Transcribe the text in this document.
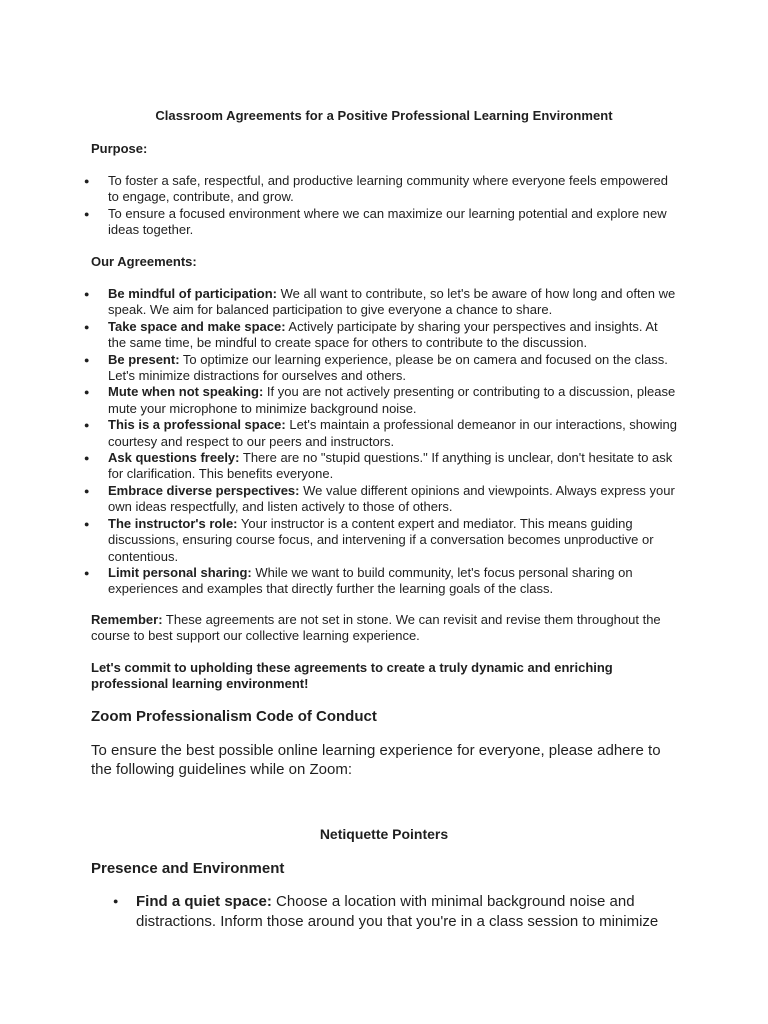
Classroom Agreements for a Positive Professional Learning Environment
Purpose:
● To foster a safe, respectful, and productive learning community where everyone feels empowered to engage, contribute, and grow.
● To ensure a focused environment where we can maximize our learning potential and explore new ideas together.
Our Agreements:
● Be mindful of participation: We all want to contribute, so let's be aware of how long and often we speak. We aim for balanced participation to give everyone a chance to share.
● Take space and make space: Actively participate by sharing your perspectives and insights. At the same time, be mindful to create space for others to contribute to the discussion.
● Be present: To optimize our learning experience, please be on camera and focused on the class. Let's minimize distractions for ourselves and others.
● Mute when not speaking: If you are not actively presenting or contributing to a discussion, please mute your microphone to minimize background noise.
● This is a professional space: Let's maintain a professional demeanor in our interactions, showing courtesy and respect to our peers and instructors.
● Ask questions freely: There are no "stupid questions." If anything is unclear, don't hesitate to ask for clarification. This benefits everyone.
● Embrace diverse perspectives: We value different opinions and viewpoints. Always express your own ideas respectfully, and listen actively to those of others.
● The instructor's role: Your instructor is a content expert and mediator. This means guiding discussions, ensuring course focus, and intervening if a conversation becomes unproductive or contentious.
● Limit personal sharing: While we want to build community, let's focus personal sharing on experiences and examples that directly further the learning goals of the class.
Remember: These agreements are not set in stone. We can revisit and revise them throughout the course to best support our collective learning experience.
Let's commit to upholding these agreements to create a truly dynamic and enriching professional learning environment!
Zoom Professionalism Code of Conduct
To ensure the best possible online learning experience for everyone, please adhere to the following guidelines while on Zoom:
Netiquette Pointers
Presence and Environment
● Find a quiet space: Choose a location with minimal background noise and distractions. Inform those around you that you're in a class session to minimize
